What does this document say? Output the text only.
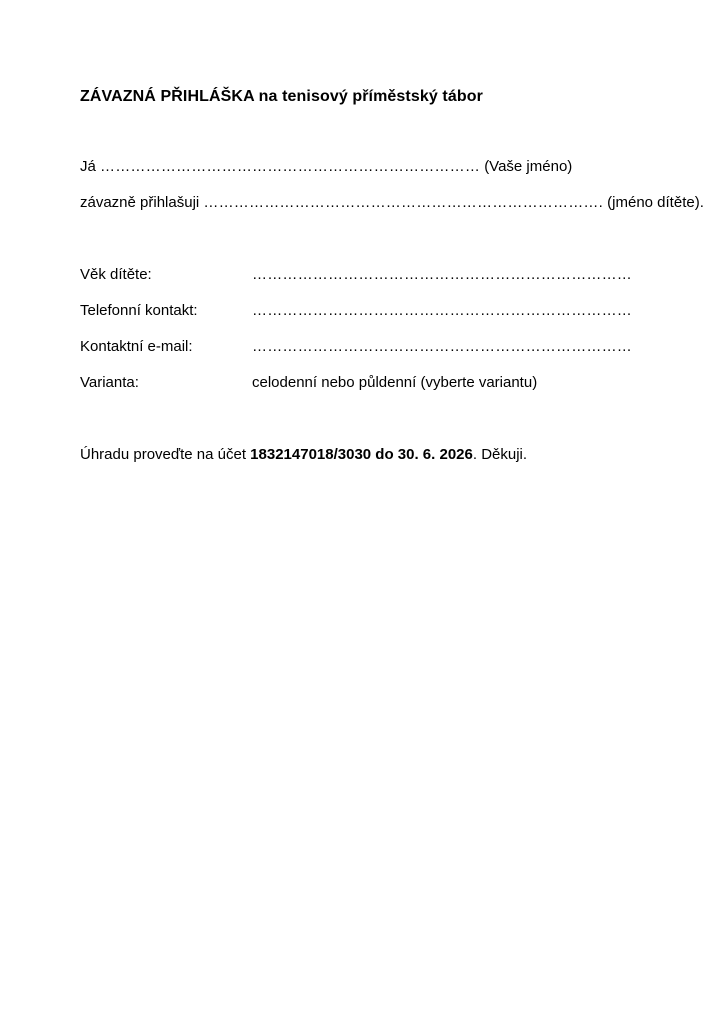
ZÁVAZNÁ PŘIHLÁŠKA na tenisový příměstský tábor
Já ………………………………………………………………… (Vaše jméno)
závazně přihlašuji ……………………………………………………………………. (jméno dítěte).
Věk dítěte:	…………………………………………………………………
Telefonní kontakt:	…………………………………………………………………
Kontaktní e-mail:	…………………………………………………………………
Varianta:	celodenní nebo půldenní (vyberte variantu)
Úhradu proveďte na účet 1832147018/3030 do 30. 6. 2026. Děkuji.
